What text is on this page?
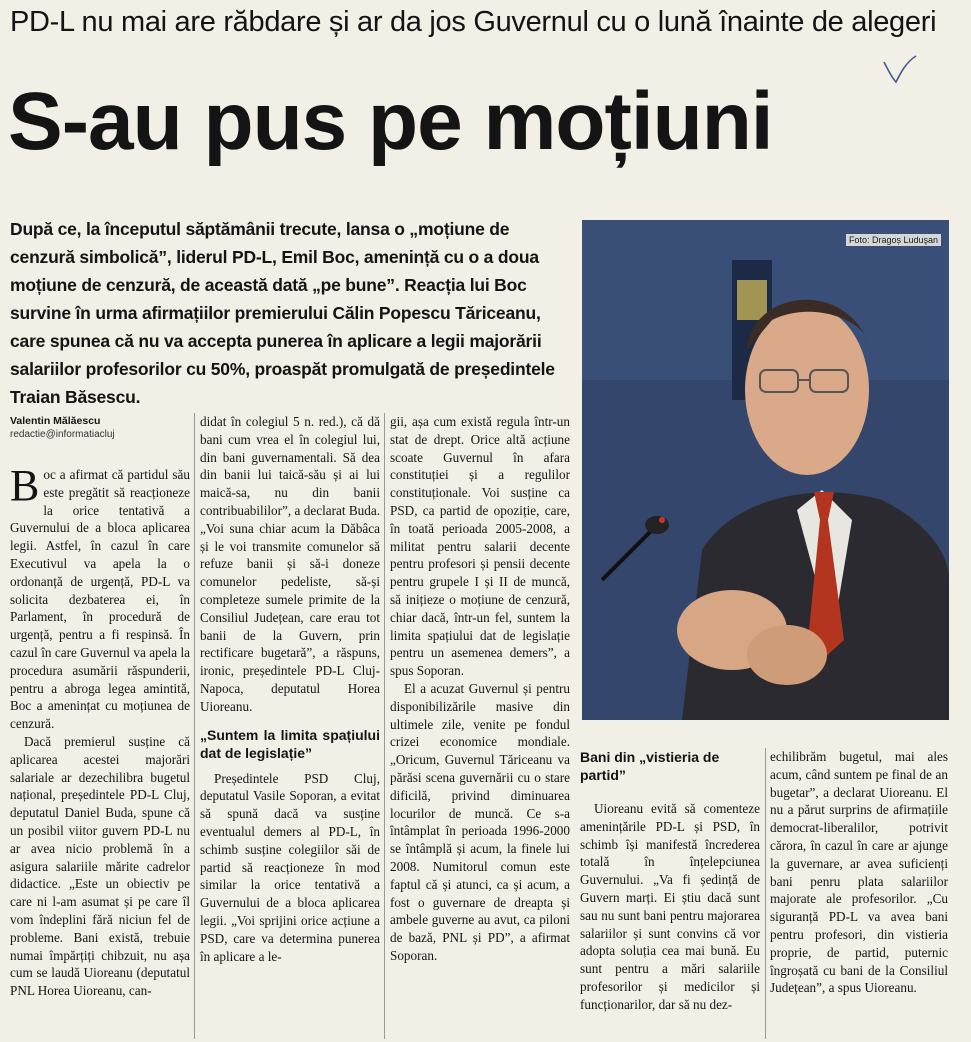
PD-L nu mai are răbdare și ar da jos Guvernul cu o lună înainte de alegeri
S-au pus pe moțiuni
După ce, la începutul săptămânii trecute, lansa o „moțiune de cenzură simbolică”, liderul PD-L, Emil Boc, amenință cu o a doua moțiune de cenzură, de această dată „pe bune”. Reacția lui Boc survine în urma afirmațiilor premierului Călin Popescu Tăriceanu, care spunea că nu va accepta punerea în aplicare a legii majorării salariilor profesorilor cu 50%, proaspăt promulgată de președintele Traian Băsescu.
Foto: Dragoș Luduşan
Valentin Mălăescu
redactie@informatiacluj

Boc a afirmat că partidul său este pregătit să reacționeze la orice tentativă a Guvernului de a bloca aplicarea legii. Astfel, în cazul în care Executivul va apela la o ordonanță de urgență, PD-L va solicita dezbaterea ei, în Parlament, în procedură de urgență, pentru a fi respinsă. În cazul în care Guvernul va apela la procedura asumării răspunderii, pentru a abroga legea amintită, Boc a amenințat cu moțiunea de cenzură.

Dacă premierul susține că aplicarea acestei majorări salariale ar dezechilibra bugetul național, președintele PD-L Cluj, deputatul Daniel Buda, spune că un posibil viitor guvern PD-L nu ar avea nicio problemă în a asigura salariile mărite cadrelor didactice. „Este un obiectiv pe care ni l-am asumat și pe care îl vom îndeplini fără niciun fel de probleme. Bani există, trebuie numai împărțiți chibzuit, nu așa cum se laudă Uioreanu (deputatul PNL Horea Uioreanu, can-

didat în colegiul 5 n. red.), că dă bani cum vrea el în colegiul lui, din bani guvernamentali. Să dea din banii lui taică-său și ai lui maică-sa, nu din banii contribuabililor”, a declarat Buda. „Voi suna chiar acum la Dăbâca și le voi transmite comunelor să refuze banii și să-i doneze comunelor pedeliste, să-și completeze sumele primite de la Consiliul Județean, care erau tot banii de la Guvern, prin rectificare bugetară”, a răspuns, ironic, președintele PD-L Cluj-Napoca, deputatul Horea Uioreanu.

„Suntem la limita spațiului dat de legislație”

Președintele PSD Cluj, deputatul Vasile Soporan, a evitat să spună dacă va susține eventualul demers al PD-L, în schimb susține colegiilor săi de partid să reacționeze în mod similar la orice tentativă a Guvernului de a bloca aplicarea legii. „Voi sprijini orice acțiune a PSD, care va determina punerea în aplicare a le-

gii, așa cum există regula într-un stat de drept. Orice altă acțiune scoate Guvernul în afara constituției și a regulilor constituționale. Voi susține ca PSD, ca partid de opoziție, care, în toată perioada 2005-2008, a militat pentru salarii decente pentru profesori și pensii decente pentru grupele I și II de muncă, să inițieze o moțiune de cenzură, chiar dacă, într-un fel, suntem la limita spațiului dat de legislație pentru un asemenea demers”, a spus Soporan.

El a acuzat Guvernul și pentru disponibilizările masive din ultimele zile, venite pe fondul crizei economice mondiale. „Oricum, Guvernul Tăriceanu va părăsi scena guvernării cu o stare dificilă, privind diminuarea locurilor de muncă. Ce s-a întâmplat în perioada 1996-2000 se întâmplă și acum, la finele lui 2008. Numitorul comun este faptul că și atunci, ca și acum, a fost o guvernare de dreapta și ambele guverne au avut, ca piloni de bază, PNL și PD”, a afirmat Soporan.

Bani din „vistieria de partid”

Uioreanu evită să comenteze amenințările PD-L și PSD, în schimb își manifestă încrederea totală în înțelepciunea Guvernului. „Va fi ședință de Guvern marți. Ei știu dacă sunt sau nu sunt bani pentru majorarea salariilor și sunt convins că vor adopta soluția cea mai bună. Eu sunt pentru a mări salariile profesorilor și medicilor și funcționarilor, dar să nu dez-

echilibrăm bugetul, mai ales acum, când suntem pe final de an bugetar”, a declarat Uioreanu. El nu a părut surprins de afirmațiile democrat-liberalilor, potrivit cărora, în cazul în care ar ajunge la guvernare, ar avea suficienți bani penru plata salariilor majorate ale profesorilor. „Cu siguranță PD-L va avea bani pentru profesori, din vistieria proprie, de partid, puternic îngroșată cu bani de la Consiliul Județean”, a spus Uioreanu.
